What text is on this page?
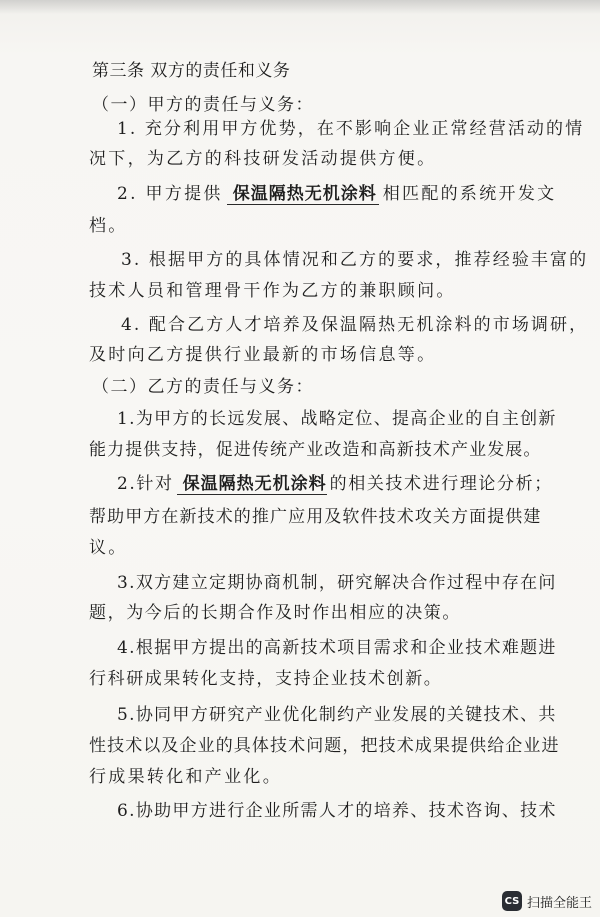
第三条 双方的责任和义务
（一）甲方的责任与义务：
1. 充分利用甲方优势，在不影响企业正常经营活动的情
况下，为乙方的科技研发活动提供方便。
2. 甲方提供 保温隔热无机涂料 相匹配的系统开发文
档。
3. 根据甲方的具体情况和乙方的要求，推荐经验丰富的
技术人员和管理骨干作为乙方的兼职顾问。
4. 配合乙方人才培养及保温隔热无机涂料的市场调研，
及时向乙方提供行业最新的市场信息等。
（二）乙方的责任与义务：
1.为甲方的长远发展、战略定位、提高企业的自主创新
能力提供支持，促进传统产业改造和高新技术产业发展。
2.针对 保温隔热无机涂料 的相关技术进行理论分析；
帮助甲方在新技术的推广应用及软件技术攻关方面提供建
议。
3.双方建立定期协商机制，研究解决合作过程中存在问
题，为今后的长期合作及时作出相应的决策。
4.根据甲方提出的高新技术项目需求和企业技术难题进
行科研成果转化支持，支持企业技术创新。
5.协同甲方研究产业优化制约产业发展的关键技术、共
性技术以及企业的具体技术问题，把技术成果提供给企业进
行成果转化和产业化。
6.协助甲方进行企业所需人才的培养、技术咨询、技术
CS 扫描全能王
